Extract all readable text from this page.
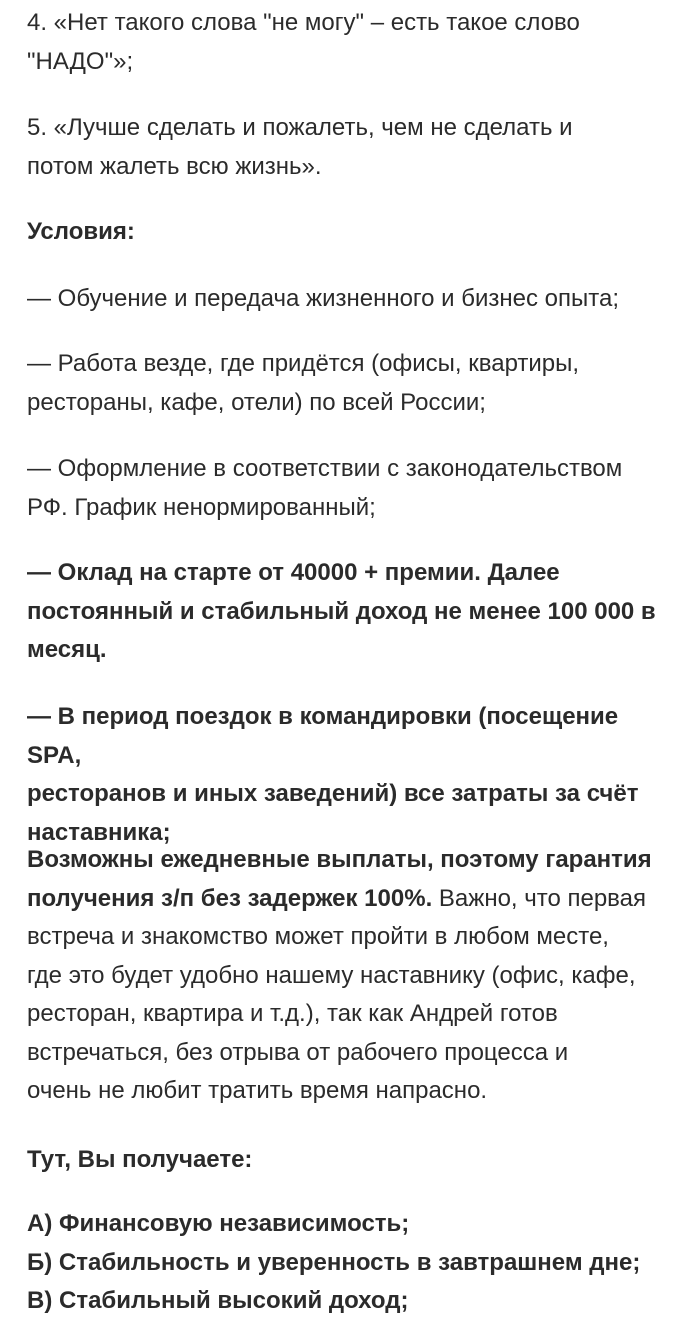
4. «Нет такого слова "не могу" – есть такое слово
"НАДО"»;

5. «Лучше сделать и пожалеть, чем не сделать и
потом жалеть всю жизнь».

Условия:

— Обучение и передача жизненного и бизнес опыта;

— Работа везде, где придётся (офисы, квартиры,
рестораны, кафе, отели) по всей России;

— Оформление в соответствии с законодательством
РФ. График ненормированный;

— Оклад на старте от 40000 + премии. Далее
постоянный и стабильный доход не менее 100 000 в
месяц.

— В период поездок в командировки (посещение SPA,
ресторанов и иных заведений) все затраты за счёт
наставника;

Возможны ежедневные выплаты, поэтому гарантия
получения з/п без задержек 100%. Важно, что первая
встреча и знакомство может пройти в любом месте,
где это будет удобно нашему наставнику (офис, кафе,
ресторан, квартира и т.д.), так как Андрей готов
встречаться, без отрыва от рабочего процесса и
очень не любит тратить время напрасно.

Тут, Вы получаете:

А) Финансовую независимость;
Б) Стабильность и уверенность в завтрашнем дне;
В) Стабильный высокий доход;
